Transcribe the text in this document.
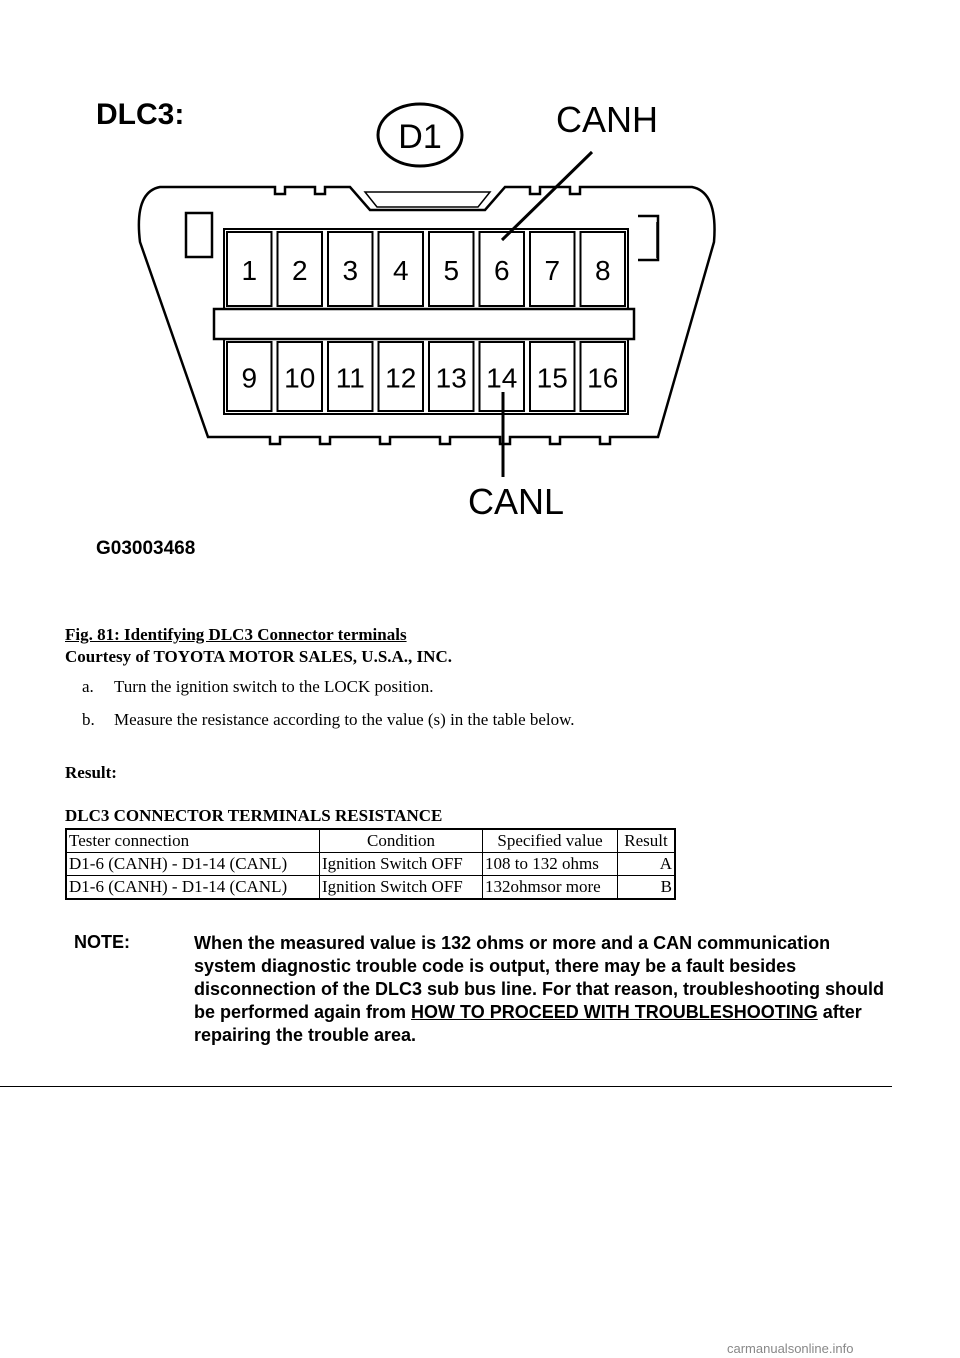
DLC3:
D1	CANH
1 2 3 4 5 6 7 8
9 10 11 12 13 14 15 16
CANL
G03003468
Fig. 81: Identifying DLC3 Connector terminals
Courtesy of TOYOTA MOTOR SALES, U.S.A., INC.
a. Turn the ignition switch to the LOCK position.
b. Measure the resistance according to the value (s) in the table below.
Result:
DLC3 CONNECTOR TERMINALS RESISTANCE
Tester connection	Condition	Specified value	Result
D1-6 (CANH) - D1-14 (CANL)	Ignition Switch OFF	108 to 132 ohms	A
D1-6 (CANH) - D1-14 (CANL)	Ignition Switch OFF	132ohmsor more	B
NOTE:	When the measured value is 132 ohms or more and a CAN communication system diagnostic trouble code is output, there may be a fault besides disconnection of the DLC3 sub bus line. For that reason, troubleshooting should be performed again from HOW TO PROCEED WITH TROUBLESHOOTING after repairing the trouble area.
carmanualsonline.info
